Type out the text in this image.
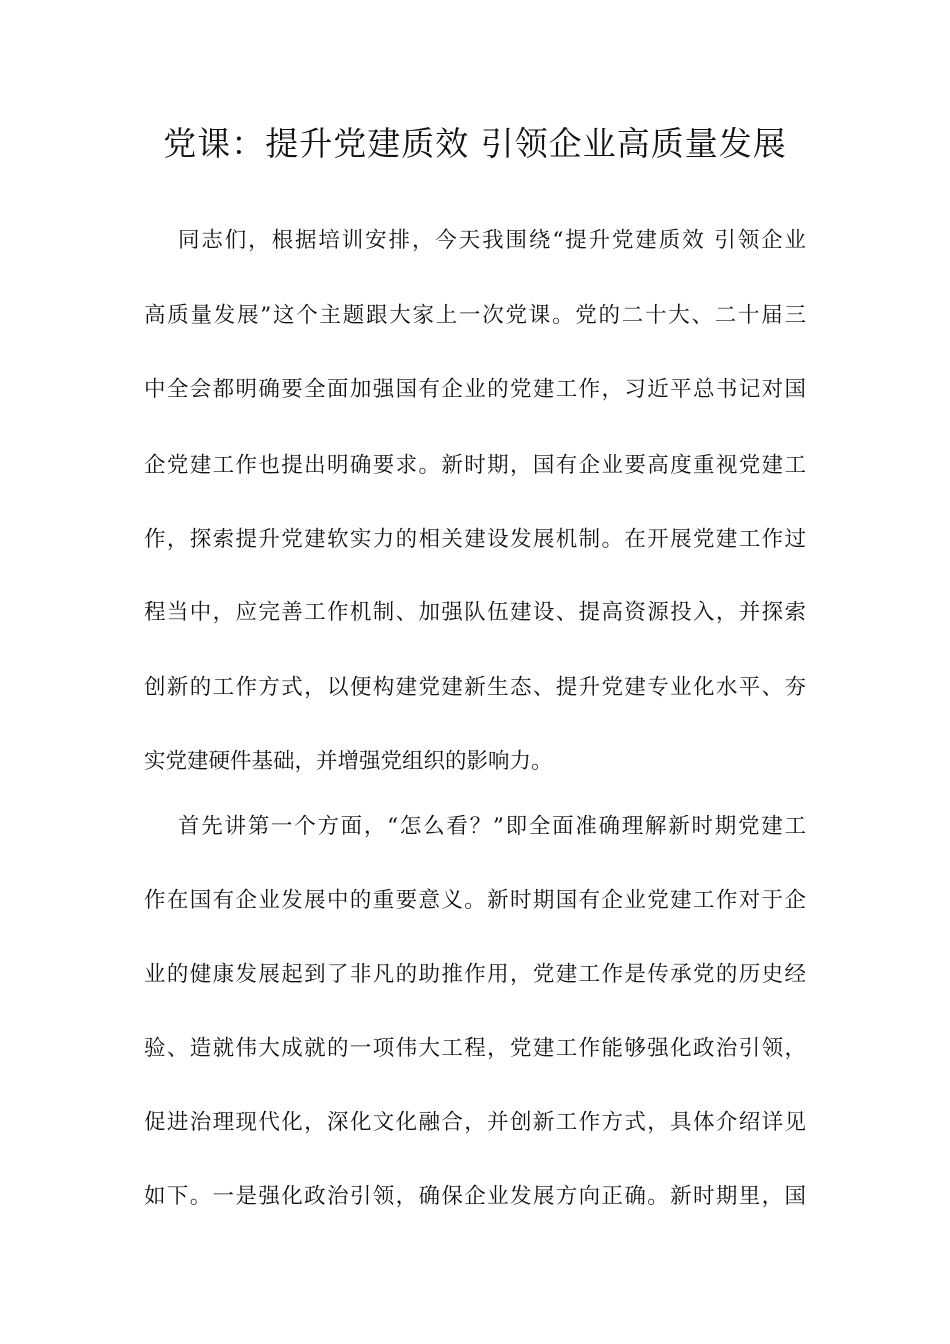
党课：提升党建质效 引领企业高质量发展
同志们，根据培训安排，今天我围绕“提升党建质效 引领企业
高质量发展”这个主题跟大家上一次党课。党的二十大、二十届三
中全会都明确要全面加强国有企业的党建工作，习近平总书记对国
企党建工作也提出明确要求。新时期，国有企业要高度重视党建工
作，探索提升党建软实力的相关建设发展机制。在开展党建工作过
程当中，应完善工作机制、加强队伍建设、提高资源投入，并探索
创新的工作方式，以便构建党建新生态、提升党建专业化水平、夯
实党建硬件基础，并增强党组织的影响力。
首先讲第一个方面，“怎么看？”即全面准确理解新时期党建工
作在国有企业发展中的重要意义。新时期国有企业党建工作对于企
业的健康发展起到了非凡的助推作用，党建工作是传承党的历史经
验、造就伟大成就的一项伟大工程，党建工作能够强化政治引领，
促进治理现代化，深化文化融合，并创新工作方式，具体介绍详见
如下。一是强化政治引领，确保企业发展方向正确。新时期里，国
